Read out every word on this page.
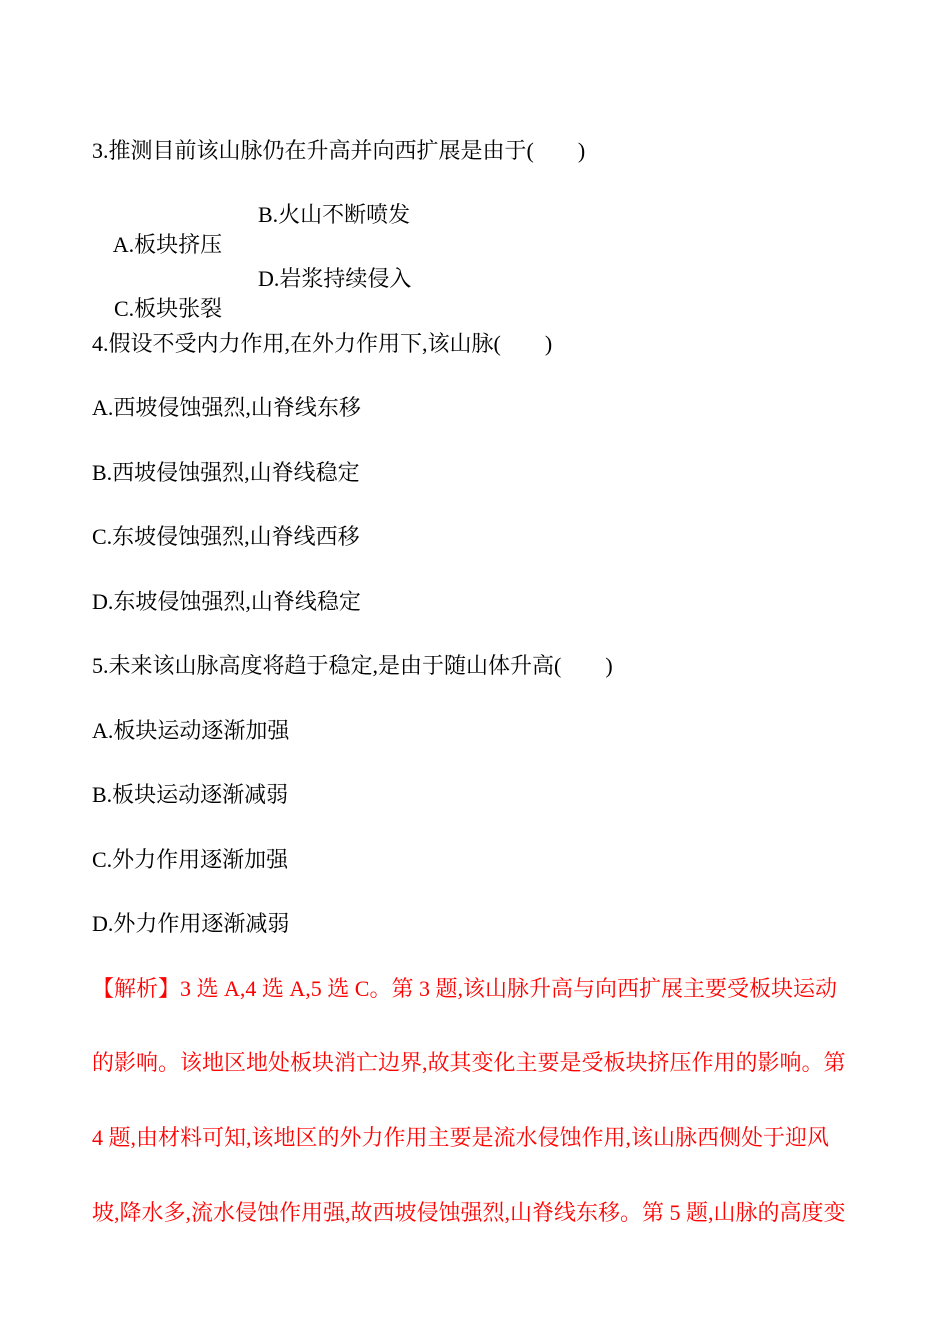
3.推测目前该山脉仍在升高并向西扩展是由于(　　)

A.板块挤压

B.火山不断喷发

C.板块张裂

D.岩浆持续侵入

4.假设不受内力作用,在外力作用下,该山脉(　　)
A.西坡侵蚀强烈,山脊线东移
B.西坡侵蚀强烈,山脊线稳定
C.东坡侵蚀强烈,山脊线西移
D.东坡侵蚀强烈,山脊线稳定
5.未来该山脉高度将趋于稳定,是由于随山体升高(　　)
A.板块运动逐渐加强
B.板块运动逐渐减弱
C.外力作用逐渐加强
D.外力作用逐渐减弱
【解析】3 选 A,4 选 A,5 选 C。第 3 题,该山脉升高与向西扩展主要受板块运动
的影响。该地区地处板块消亡边界,故其变化主要是受板块挤压作用的影响。第
4 题,由材料可知,该地区的外力作用主要是流水侵蚀作用,该山脉西侧处于迎风
坡,降水多,流水侵蚀作用强,故西坡侵蚀强烈,山脊线东移。第 5 题,山脉的高度变
